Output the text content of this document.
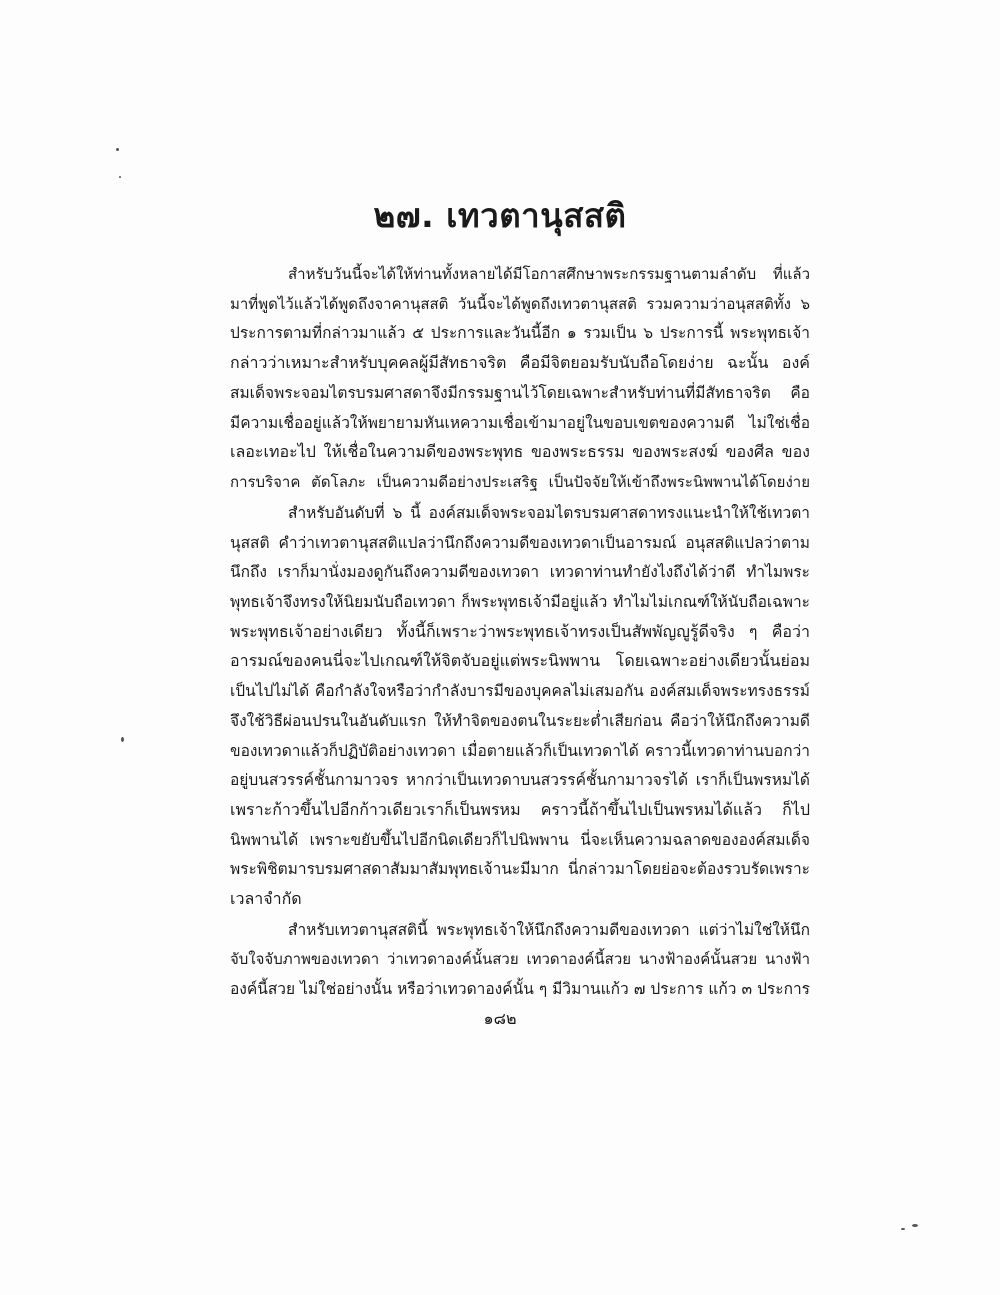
๒๗. เทวตานุสสติ
สำหรับวันนี้จะได้ให้ท่านทั้งหลายได้มีโอกาสศึกษาพระกรรมฐานตามลำดับ ที่แล้ว
มาที่พูดไว้แล้วได้พูดถึงจาคานุสสติ วันนี้จะได้พูดถึงเทวตานุสสติ รวมความว่าอนุสสติทั้ง ๖
ประการตามที่กล่าวมาแล้ว ๕ ประการและวันนี้อีก ๑ รวมเป็น ๖ ประการนี้ พระพุทธเจ้า
กล่าวว่าเหมาะสำหรับบุคคลผู้มีสัทธาจริต คือมีจิตยอมรับนับถือโดยง่าย ฉะนั้น องค์
สมเด็จพระจอมไตรบรมศาสดาจึงมีกรรมฐานไว้โดยเฉพาะสำหรับท่านที่มีสัทธาจริต คือ
มีความเชื่ออยู่แล้วให้พยายามหันเหความเชื่อเข้ามาอยู่ในขอบเขตของความดี ไม่ใช่เชื่อ
เลอะเทอะไป ให้เชื่อในความดีของพระพุทธ ของพระธรรม ของพระสงฆ์ ของศีล ของ
การบริจาค ตัดโลภะ เป็นความดีอย่างประเสริฐ เป็นปัจจัยให้เข้าถึงพระนิพพานได้โดยง่าย
สำหรับอันดับที่ ๖ นี้ องค์สมเด็จพระจอมไตรบรมศาสดาทรงแนะนำให้ใช้เทวตา
นุสสติ คำว่าเทวตานุสสติแปลว่านึกถึงความดีของเทวดาเป็นอารมณ์ อนุสสติแปลว่าตาม
นึกถึง เราก็มานั่งมองดูกันถึงความดีของเทวดา เทวดาท่านทำยังไงถึงได้ว่าดี ทำไมพระ
พุทธเจ้าจึงทรงให้นิยมนับถือเทวดา ก็พระพุทธเจ้ามีอยู่แล้ว ทำไมไม่เกณฑ์ให้นับถือเฉพาะ
พระพุทธเจ้าอย่างเดียว ทั้งนี้ก็เพราะว่าพระพุทธเจ้าทรงเป็นสัพพัญญูรู้ดีจริง ๆ คือว่า
อารมณ์ของคนนี่จะไปเกณฑ์ให้จิตจับอยู่แต่พระนิพพาน โดยเฉพาะอย่างเดียวนั้นย่อม
เป็นไปไม่ได้ คือกำลังใจหรือว่ากำลังบารมีของบุคคลไม่เสมอกัน องค์สมเด็จพระทรงธรรม์
จึงใช้วิธีผ่อนปรนในอันดับแรก ให้ทำจิตของตนในระยะต่ำเสียก่อน คือว่าให้นึกถึงความดี
ของเทวดาแล้วก็ปฏิบัติอย่างเทวดา เมื่อตายแล้วก็เป็นเทวดาได้ คราวนี้เทวดาท่านบอกว่า
อยู่บนสวรรค์ชั้นกามาวจร หากว่าเป็นเทวดาบนสวรรค์ชั้นกามาวจรได้ เราก็เป็นพรหมได้
เพราะก้าวขึ้นไปอีกก้าวเดียวเราก็เป็นพรหม คราวนี้ถ้าขึ้นไปเป็นพรหมได้แล้ว ก็ไป
นิพพานได้ เพราะขยับขึ้นไปอีกนิดเดียวก็ไปนิพพาน นี่จะเห็นความฉลาดขององค์สมเด็จ
พระพิชิตมารบรมศาสดาสัมมาสัมพุทธเจ้านะมีมาก นี่กล่าวมาโดยย่อจะต้องรวบรัดเพราะ
เวลาจำกัด
สำหรับเทวตานุสสตินี้ พระพุทธเจ้าให้นึกถึงความดีของเทวดา แต่ว่าไม่ใช่ให้นึก
จับใจจับภาพของเทวดา ว่าเทวดาองค์นั้นสวย เทวดาองค์นี้สวย นางฟ้าองค์นั้นสวย นางฟ้า
องค์นี้สวย ไม่ใช่อย่างนั้น หรือว่าเทวดาองค์นั้น ๆ มีวิมานแก้ว ๗ ประการ แก้ว ๓ ประการ
๑๘๒
